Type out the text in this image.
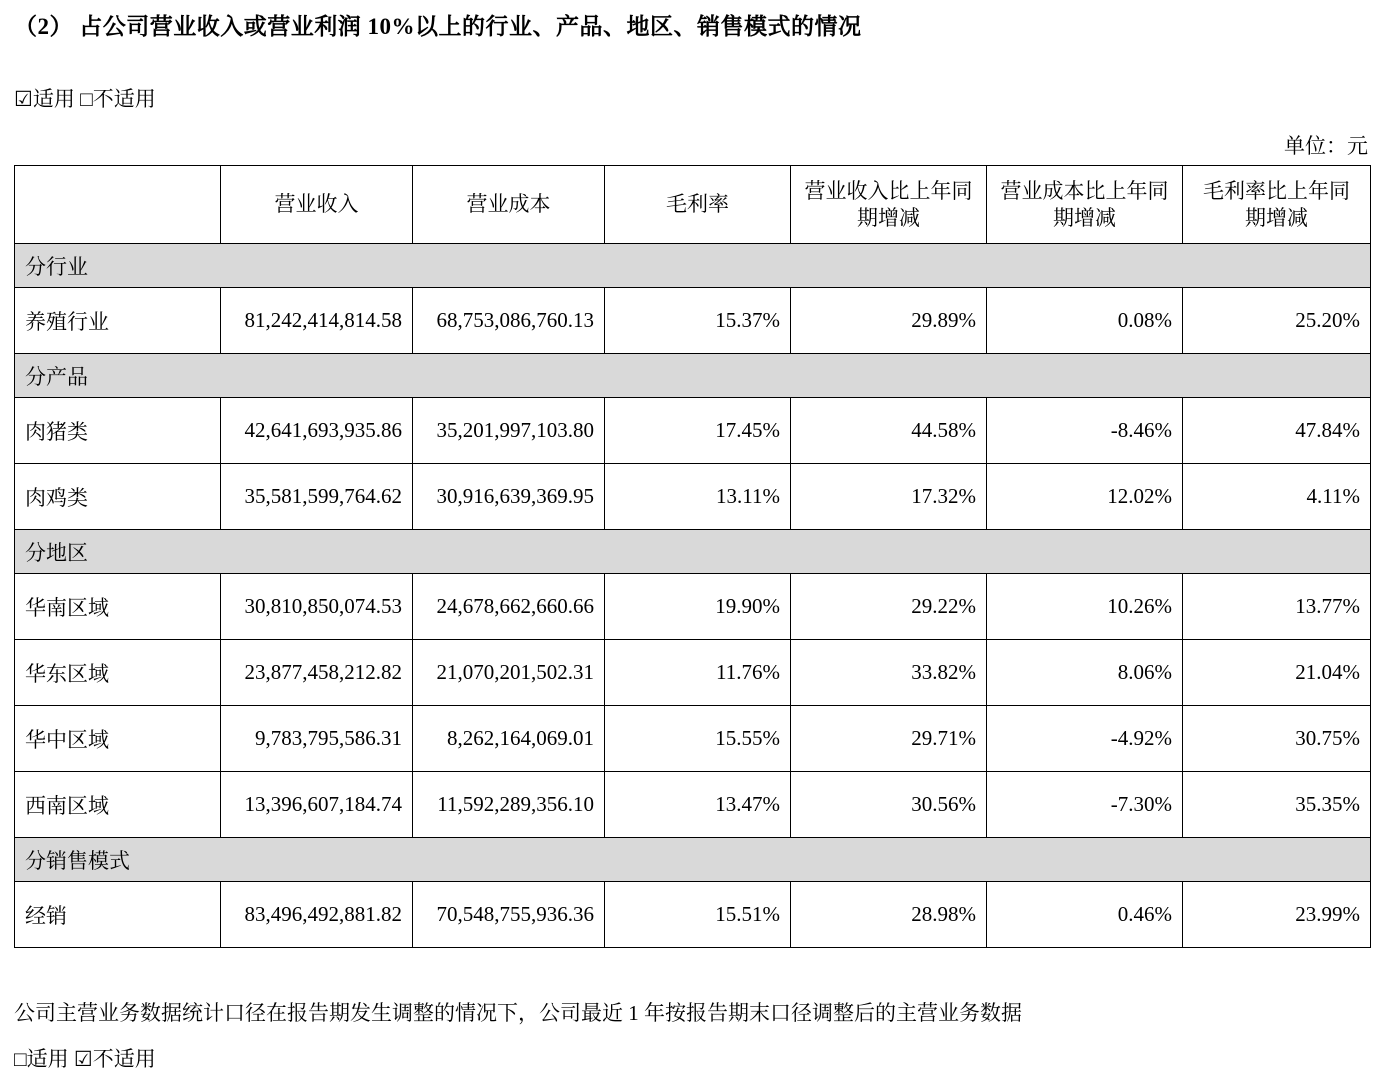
（2） 占公司营业收入或营业利润 10%以上的行业、产品、地区、销售模式的情况
☑适用 □不适用
单位：元
	营业收入	营业成本	毛利率	营业收入比上年同期增减	营业成本比上年同期增减	毛利率比上年同期增减
分行业						
养殖行业	81,242,414,814.58	68,753,086,760.13	15.37%	29.89%	0.08%	25.20%
分产品						
肉猪类	42,641,693,935.86	35,201,997,103.80	17.45%	44.58%	-8.46%	47.84%
肉鸡类	35,581,599,764.62	30,916,639,369.95	13.11%	17.32%	12.02%	4.11%
分地区						
华南区域	30,810,850,074.53	24,678,662,660.66	19.90%	29.22%	10.26%	13.77%
华东区域	23,877,458,212.82	21,070,201,502.31	11.76%	33.82%	8.06%	21.04%
华中区域	9,783,795,586.31	8,262,164,069.01	15.55%	29.71%	-4.92%	30.75%
西南区域	13,396,607,184.74	11,592,289,356.10	13.47%	30.56%	-7.30%	35.35%
分销售模式						
经销	83,496,492,881.82	70,548,755,936.36	15.51%	28.98%	0.46%	23.99%
公司主营业务数据统计口径在报告期发生调整的情况下，公司最近 1 年按报告期末口径调整后的主营业务数据
□适用 ☑不适用
